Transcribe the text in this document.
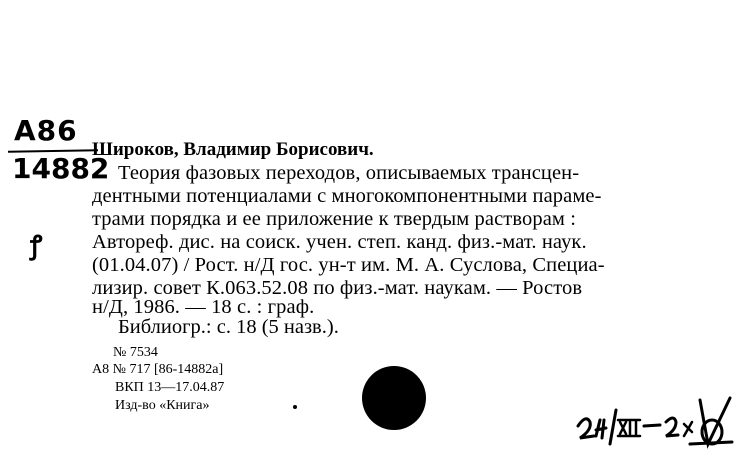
A86
14882
ꝭ
Широков, Владимир Борисович.
Теория фазовых переходов, описываемых трансцен-
дентными потенциалами с многокомпонентными параме-
трами порядка и ее приложение к твердым растворам :
Автореф. дис. на соиск. учен. степ. канд. физ.-мат. наук.
(01.04.07) / Рост. н/Д гос. ун-т им. М. А. Суслова, Специа-
лизир. совет К.063.52.08 по физ.-мат. наукам. — Ростов
н/Д, 1986. — 18 с. : граф.
Библиогр.: с. 18 (5 назв.).
№ 7534
А8 № 717 [86-14882а]
ВКП 13—17.04.87
Изд-во «Книга»
